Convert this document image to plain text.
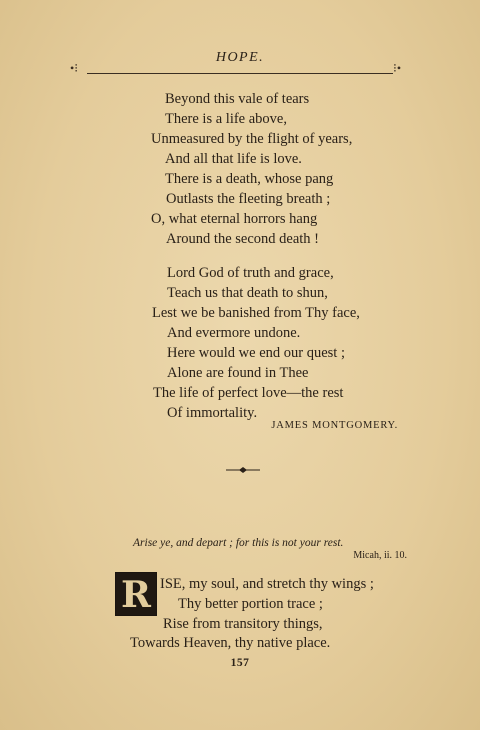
HOPE.
•⁝	⁝•
Beyond this vale of tears
There is a life above,
Unmeasured by the flight of years,
And all that life is love.
There is a death, whose pang
Outlasts the fleeting breath ;
O, what eternal horrors hang
Around the second death !
Lord God of truth and grace,
Teach us that death to shun,
Lest we be banished from Thy face,
And evermore undone.
Here would we end our quest ;
Alone are found in Thee
The life of perfect love—the rest
Of immortality.
JAMES MONTGOMERY.
Arise ye, and depart ; for this is not your rest.
Micah, ii. 10.
R ISE, my soul, and stretch thy wings ;
Thy better portion trace ;
Rise from transitory things,
Towards Heaven, thy native place.
157
